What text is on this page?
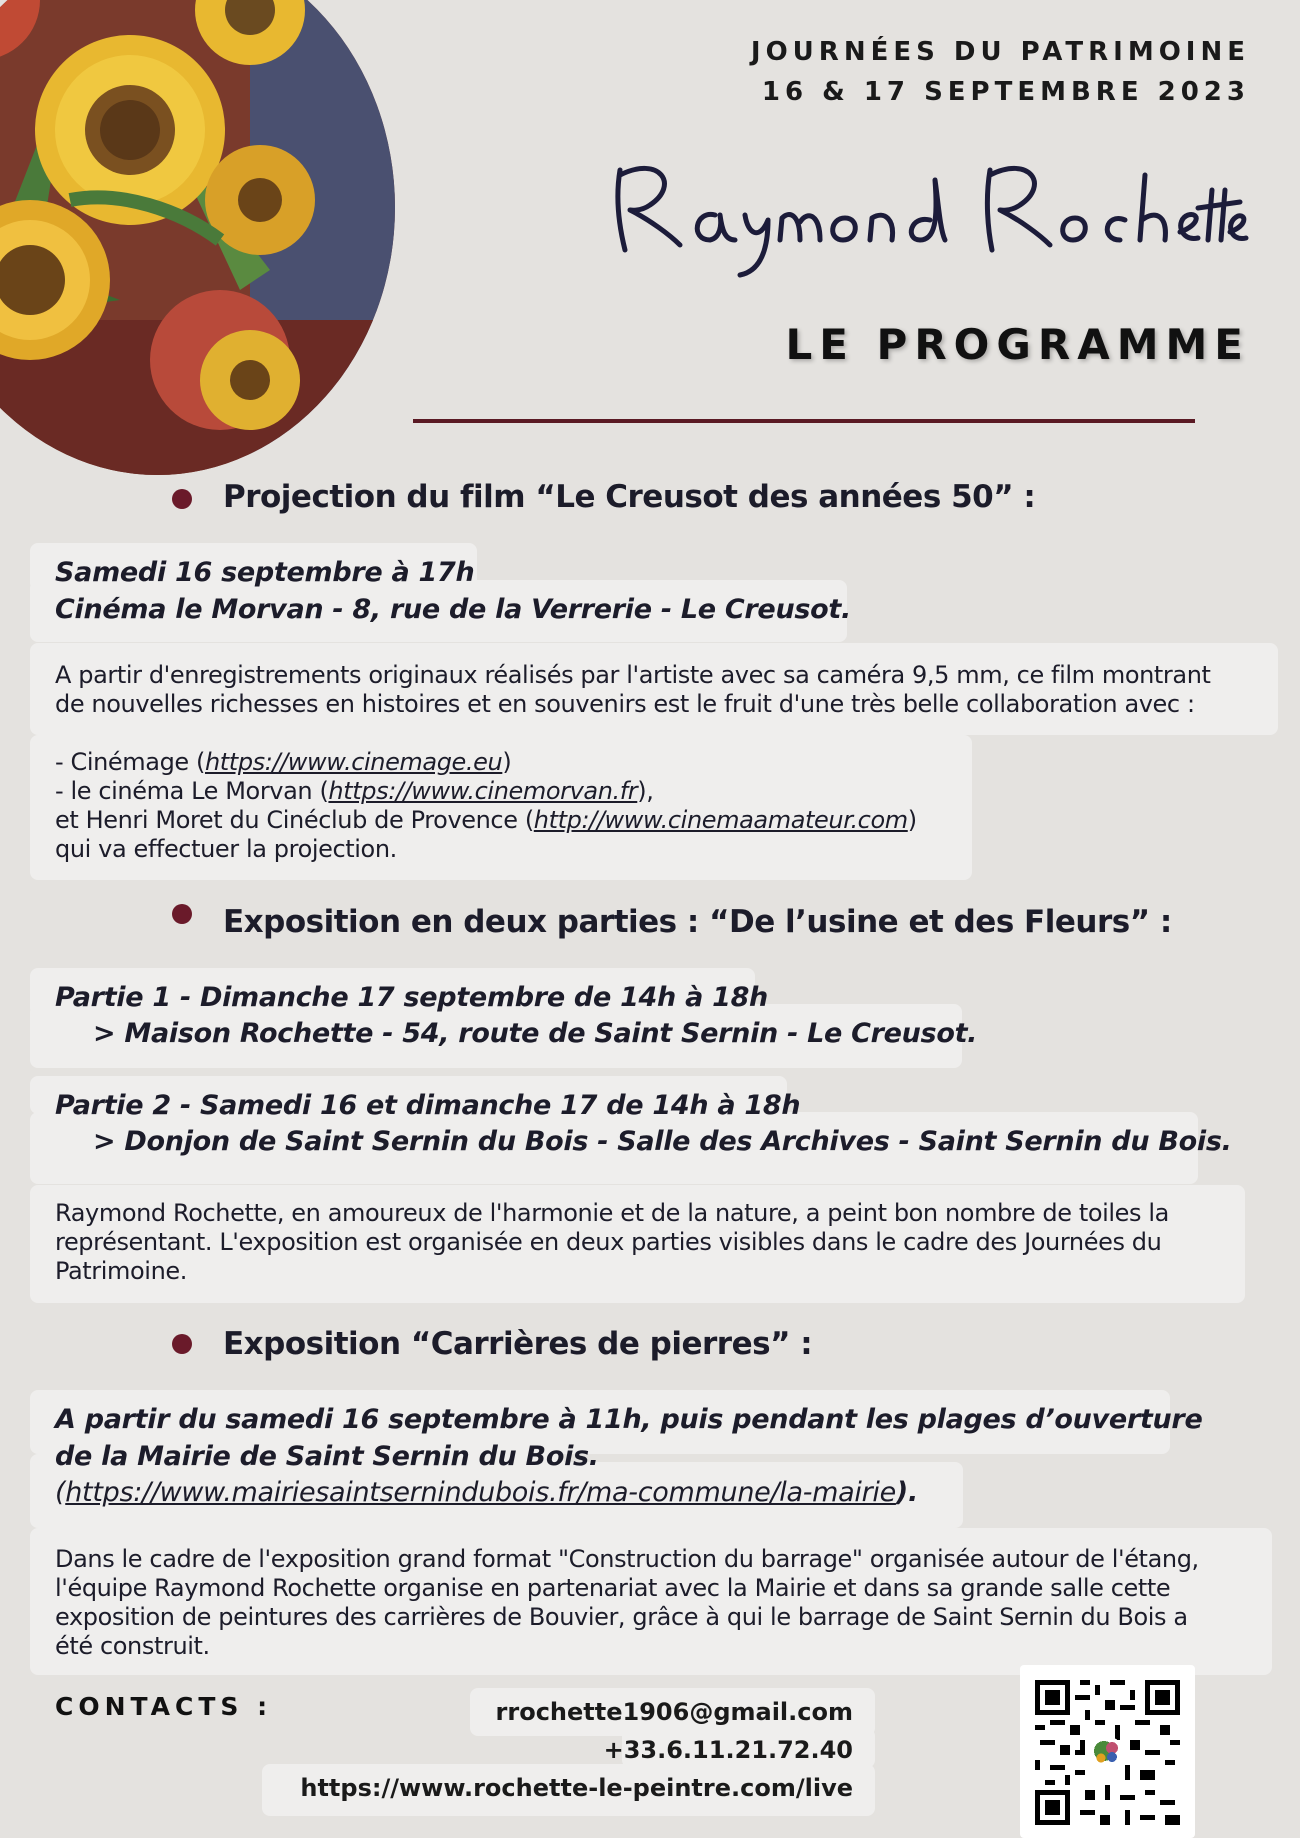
JOURNÉES DU PATRIMOINE
16 & 17 SEPTEMBRE 2023
LE PROGRAMME
Projection du film “Le Creusot des années 50” :
Samedi 16 septembre à 17h
Cinéma le Morvan - 8, rue de la Verrerie - Le Creusot.
A partir d'enregistrements originaux réalisés par l'artiste avec sa caméra 9,5 mm, ce film montrant
de nouvelles richesses en histoires et en souvenirs est le fruit d'une très belle collaboration avec :
- Cinémage (https://www.cinemage.eu)
- le cinéma Le Morvan (https://www.cinemorvan.fr),
et Henri Moret du Cinéclub de Provence (http://www.cinemaamateur.com)
qui va effectuer la projection.
Exposition en deux parties : “De l’usine et des Fleurs” :
Partie 1 - Dimanche 17 septembre de 14h à 18h
> Maison Rochette - 54, route de Saint Sernin - Le Creusot.
Partie 2 - Samedi 16 et dimanche 17 de 14h à 18h
> Donjon de Saint Sernin du Bois - Salle des Archives - Saint Sernin du Bois.
Raymond Rochette, en amoureux de l'harmonie et de la nature, a peint bon nombre de toiles la
représentant. L'exposition est organisée en deux parties visibles dans le cadre des Journées du
Patrimoine.
Exposition “Carrières de pierres” :
A partir du samedi 16 septembre à 11h, puis pendant les plages d’ouverture
de la Mairie de Saint Sernin du Bois.
(https://www.mairiesaintsernindubois.fr/ma-commune/la-mairie).
Dans le cadre de l'exposition grand format "Construction du barrage" organisée autour de l'étang,
l'équipe Raymond Rochette organise en partenariat avec la Mairie et dans sa grande salle cette
exposition de peintures des carrières de Bouvier, grâce à qui le barrage de Saint Sernin du Bois a
été construit.
CONTACTS :	rrochette1906@gmail.com
+33.6.11.21.72.40
https://www.rochette-le-peintre.com/live
